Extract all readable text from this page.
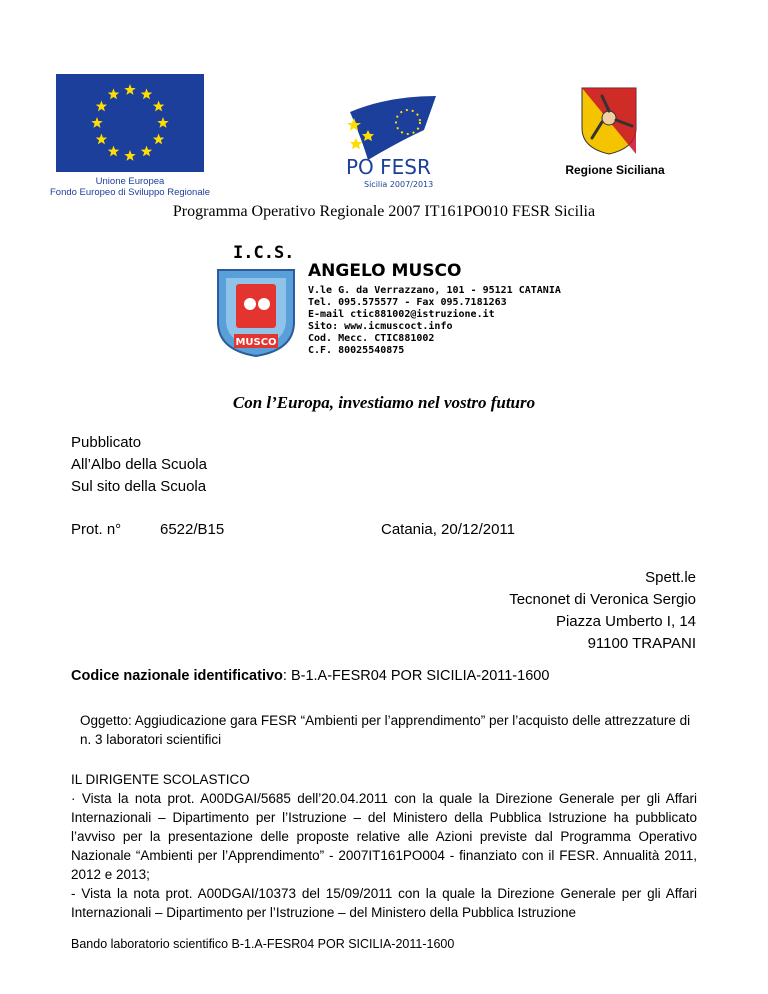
Unione Europea
Fondo Europeo di Sviluppo Regionale
PO FESR
Sicilia 2007/2013
Regione Siciliana
Programma Operativo Regionale 2007 IT161PO010 FESR Sicilia
I.C.S.
MUSCO
ANGELO MUSCO
V.le G. da Verrazzano, 101 - 95121 CATANIA
Tel. 095.575577 - Fax 095.7181263
E-mail ctic881002@istruzione.it
Sito: www.icmuscoct.info
Cod. Mecc. CTIC881002
C.F. 80025540875
Con l’Europa, investiamo nel vostro futuro
Pubblicato
All’Albo della Scuola
Sul sito della Scuola
Prot. n°	6522/B15	Catania, 20/12/2011
Spett.le
Tecnonet di Veronica Sergio
Piazza Umberto I, 14
91100 TRAPANI
Codice nazionale identificativo: B-1.A-FESR04 POR SICILIA-2011-1600
Oggetto: Aggiudicazione gara FESR “Ambienti per l’apprendimento” per l’acquisto delle attrezzature di n. 3 laboratori scientifici

IL DIRIGENTE SCOLASTICO

· Vista la nota prot. A00DGAI/5685 dell’20.04.2011 con la quale la Direzione Generale per gli Affari Internazionali – Dipartimento per l’Istruzione – del Ministero della Pubblica Istruzione ha pubblicato l’avviso per la presentazione delle proposte relative alle Azioni previste dal Programma Operativo Nazionale “Ambienti per l’Apprendimento” - 2007IT161PO004 - finanziato con il FESR. Annualità 2011, 2012 e 2013;

- Vista la nota prot. A00DGAI/10373 del 15/09/2011 con la quale la Direzione Generale per gli Affari Internazionali – Dipartimento per l’Istruzione – del Ministero della Pubblica Istruzione

Bando laboratorio scientifico B-1.A-FESR04 POR SICILIA-2011-1600
